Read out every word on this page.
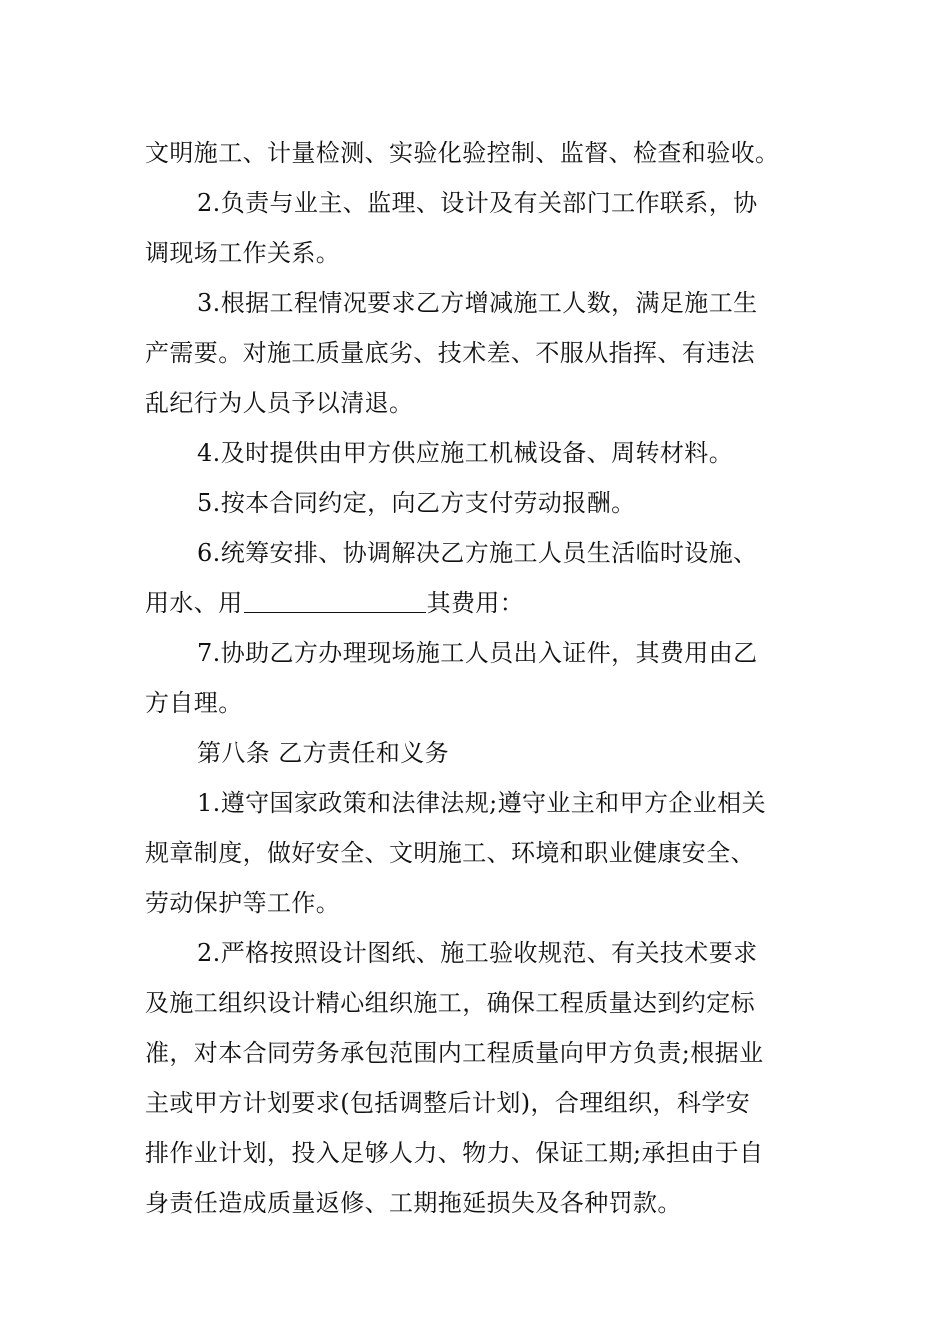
文明施工、计量检测、实验化验控制、监督、检查和验收。
2.负责与业主、监理、设计及有关部门工作联系，协
调现场工作关系。
3.根据工程情况要求乙方增减施工人数，满足施工生
产需要。对施工质量底劣、技术差、不服从指挥、有违法
乱纪行为人员予以清退。
4.及时提供由甲方供应施工机械设备、周转材料。
5.按本合同约定，向乙方支付劳动报酬。
6.统筹安排、协调解决乙方施工人员生活临时设施、
用水、用	其费用：
7.协助乙方办理现场施工人员出入证件，其费用由乙
方自理。
第八条 乙方责任和义务
1.遵守国家政策和法律法规;遵守业主和甲方企业相关
规章制度，做好安全、文明施工、环境和职业健康安全、
劳动保护等工作。
2.严格按照设计图纸、施工验收规范、有关技术要求
及施工组织设计精心组织施工，确保工程质量达到约定标
准，对本合同劳务承包范围内工程质量向甲方负责;根据业
主或甲方计划要求(包括调整后计划)，合理组织，科学安
排作业计划，投入足够人力、物力、保证工期;承担由于自
身责任造成质量返修、工期拖延损失及各种罚款。
